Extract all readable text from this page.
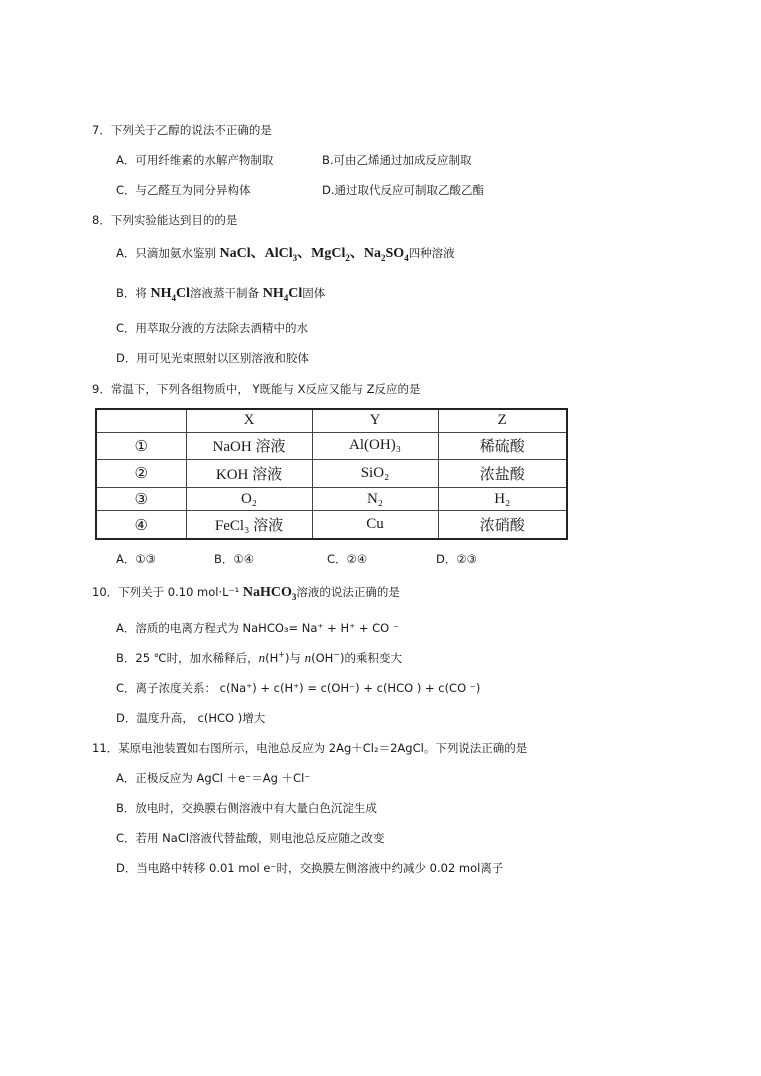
7．下列关于乙醇的说法不正确的是
A．可用纤维素的水解产物制取	B.可由乙烯通过加成反应制取
C．与乙醛互为同分异构体	D.通过取代反应可制取乙酸乙酯
8．下列实验能达到目的的是
A．只滴加氨水鉴别 NaCl、AlCl$_3$、MgCl$_2$、$Na_2SO_4$四种溶液
B．将 $NH_4Cl$溶液蒸干制备 $NH_4Cl$固体
C．用萃取分液的方法除去酒精中的水
D．用可见光束照射以区别溶液和胶体
9．常温下，下列各组物质中， Y既能与 X反应又能与 Z反应的是
	X	Y	Z
①	NaOH 溶液	Al(OH)₃	稀硫酸
②	KOH 溶液	SiO₂	浓盐酸
③	O₂	N₂	H₂
④	FeCl₃ 溶液	Cu	浓硝酸
A．①③	B．①④	C．②④	D．②③
10．下列关于 0.10 mol·L⁻¹ NaHCO$_3$溶液的说法正确的是
A．溶质的电离方程式为 NaHCO₃= Na⁺ + H⁺ + CO ⁻
B．25 ℃时，加水稀释后，n(H+)与 n(OH−)的乘积变大
C．离子浓度关系： c(Na⁺) + c(H⁺) = c(OH⁻) + c(HCO ) + c(CO ⁻)
D．温度升高， c(HCO )增大
11．某原电池装置如右图所示，电池总反应为 2Ag＋Cl₂＝2AgCl。下列说法正确的是
A．正极反应为 AgCl ＋e⁻＝Ag ＋Cl⁻
B．放电时，交换膜右侧溶液中有大量白色沉淀生成
C．若用 NaCl溶液代替盐酸，则电池总反应随之改变
D．当电路中转移 0.01 mol e⁻时，交换膜左侧溶液中约减少 0.02 mol离子
